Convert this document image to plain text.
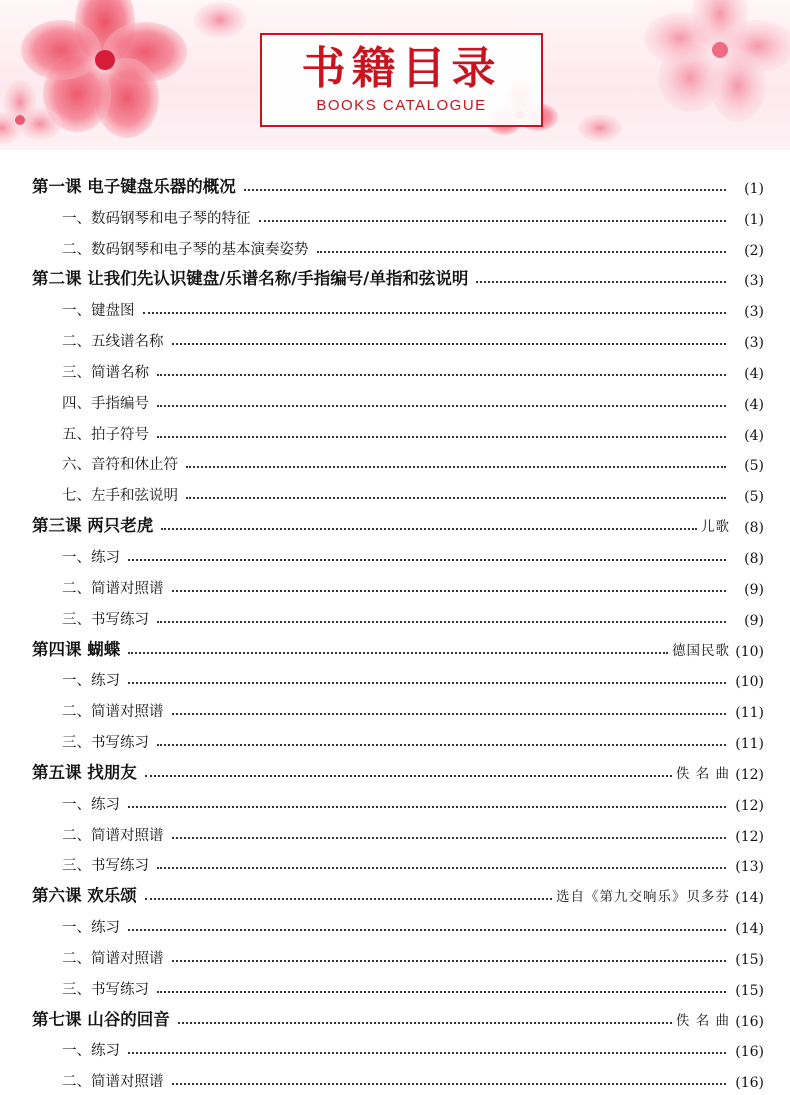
书籍目录
BOOKS CATALOGUE
第一课 电子键盘乐器的概况	(1)
一、数码钢琴和电子琴的特征	(1)
二、数码钢琴和电子琴的基本演奏姿势	(2)
第二课 让我们先认识键盘/乐谱名称/手指编号/单指和弦说明	(3)
一、键盘图	(3)
二、五线谱名称	(3)
三、简谱名称	(4)
四、手指编号	(4)
五、拍子符号	(4)
六、音符和休止符	(5)
七、左手和弦说明	(5)
第三课 两只老虎	儿歌	(8)
一、练习	(8)
二、简谱对照谱	(9)
三、书写练习	(9)
第四课 蝴蝶	德国民歌 (10)
一、练习	(10)
二、简谱对照谱	(11)
三、书写练习	(11)
第五课 找朋友	佚 名 曲 (12)
一、练习	(12)
二、简谱对照谱	(12)
三、书写练习	(13)
第六课 欢乐颂	选自《第九交响乐》贝多芬 (14)
一、练习	(14)
二、简谱对照谱	(15)
三、书写练习	(15)
第七课 山谷的回音	佚 名 曲 (16)
一、练习	(16)
二、简谱对照谱	(16)
